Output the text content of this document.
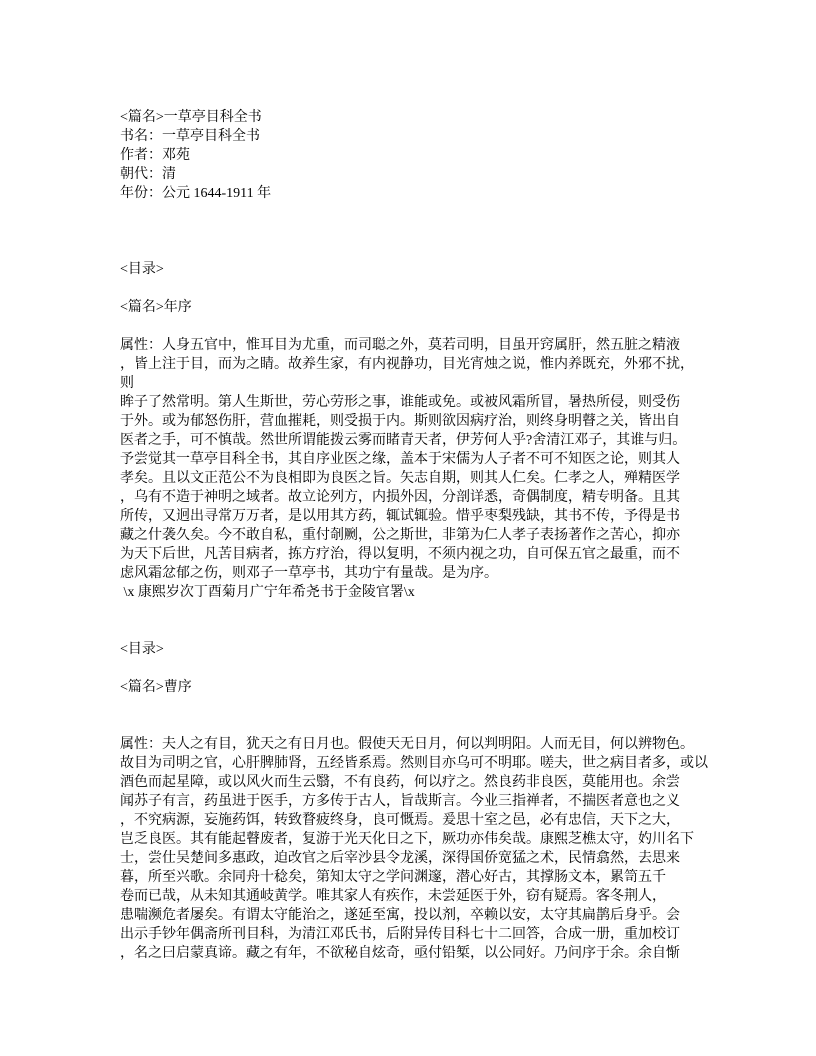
<篇名>一草亭目科全书
书名：一草亭目科全书
作者：邓苑
朝代：清
年份：公元 1644-1911 年

<目录>

<篇名>年序

属性：人身五官中，惟耳目为尤重，而司聪之外，莫若司明，目虽开窍属肝，然五脏之精液
，皆上注于目，而为之睛。故养生家，有内视静功，目光宵烛之说，惟内养既充，外邪不扰，
则
眸子了然常明。第人生斯世，劳心劳形之事，谁能或免。或被风霜所冒，暑热所侵，则受伤
于外。或为郁怒伤肝，营血摧耗，则受损于内。斯则欲因病疗治，则终身明瞽之关，皆出自
医者之手，可不慎哉。然世所谓能拨云雾而睹青天者，伊芳何人乎?舍清江邓子，其谁与归。
予尝觉其一草亭目科全书，其自序业医之缘，盖本于宋儒为人子者不可不知医之论，则其人
孝矣。且以文正范公不为良相即为良医之旨。矢志自期，则其人仁矣。仁孝之人，殚精医学
，乌有不造于神明之域者。故立论列方，内损外因，分剖详悉，奇偶制度，精专明备。且其
所传，又迥出寻常万万者，是以用其方药，辄试辄验。惜乎枣梨残缺，其书不传，予得是书
藏之什袭久矣。今不敢自私，重付剞劂，公之斯世，非第为仁人孝子表扬著作之苦心，抑亦
为天下后世，凡苦目病者，拣方疗治，得以复明，不须内视之功，自可保五官之最重，而不
虑风霜忿郁之伤，则邓子一草亭书，其功宁有量哉。是为序。
\x 康熙岁次丁酉菊月广宁年希尧书于金陵官署\x

<目录>

<篇名>曹序

属性：夫人之有目，犹天之有日月也。假使天无日月，何以判明阳。人而无目，何以辨物色。
故目为司明之官，心肝脾肺肾，五经皆系焉。然则目亦乌可不明耶。嗟夫，世之病目者多，或以
酒色而起星障，或以风火而生云翳，不有良药，何以疗之。然良药非良医，莫能用也。余尝
闻苏子有言，药虽进于医手，方多传于古人，旨哉斯言。今业三指禅者，不揣医者意也之义
，不究病源，妄施药饵，转致瞀疲终身，良可慨焉。爰思十室之邑，必有忠信，天下之大，
岂乏良医。其有能起瞽废者，复游于光天化日之下，厥功亦伟矣哉。康熙芝樵太守，妁川名下
士，尝仕吴楚间多惠政，迫改官之后宰沙县令龙溪，深得国侨宽猛之术，民情翕然，去思来
暮，所至兴歌。余同舟十稔矣，第知太守之学问渊邃，潜心好古，其撑肠文本，累笥五千
卷而已哉，从未知其通岐黄学。唯其家人有疾作，未尝延医于外，窃有疑焉。客冬荆人，
患喘濒危者屡矣。有谓太守能治之，遂延至寓，投以剂，卒赖以安，太守其扁鹊后身乎。会
出示手钞年偶斋所刊目科，为清江邓氏书，后附异传目科七十二回答，合成一册，重加校订
，名之曰启蒙真谛。藏之有年，不欲秘自炫奇，亟付铅椠，以公同好。乃问序于余。余自惭
